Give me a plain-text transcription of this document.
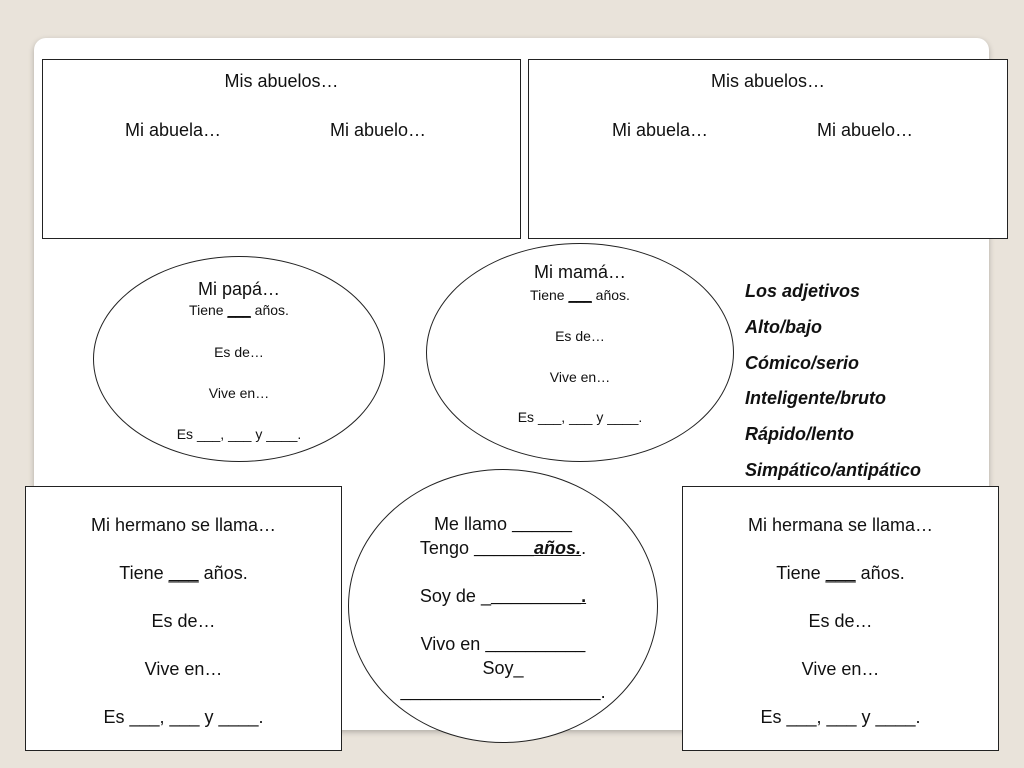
Mis abuelos…
Mi abuela…	Mi abuelo…
Mis abuelos…
Mi abuela…	Mi abuelo…
Mi papá…
Tiene ___ años.
Es de…
Vive en…
Es ___, ___ y ____.
Mi mamá…
Tiene ___ años.
Es de…
Vive en…
Es ___, ___ y ____.
Los adjetivos
Alto/bajo
Cómico/serio
Inteligente/bruto
Rápido/lento
Simpático/antipático
Mi hermano se llama…
Tiene ___ años.
Es de…
Vive en…
Es ___, ___ y ____.
Me llamo ______
Tengo ______años..
Soy de __________.
Vivo en __________
Soy_
____________________.
Mi hermana se llama…
Tiene ___ años.
Es de…
Vive en…
Es ___, ___ y ____.
